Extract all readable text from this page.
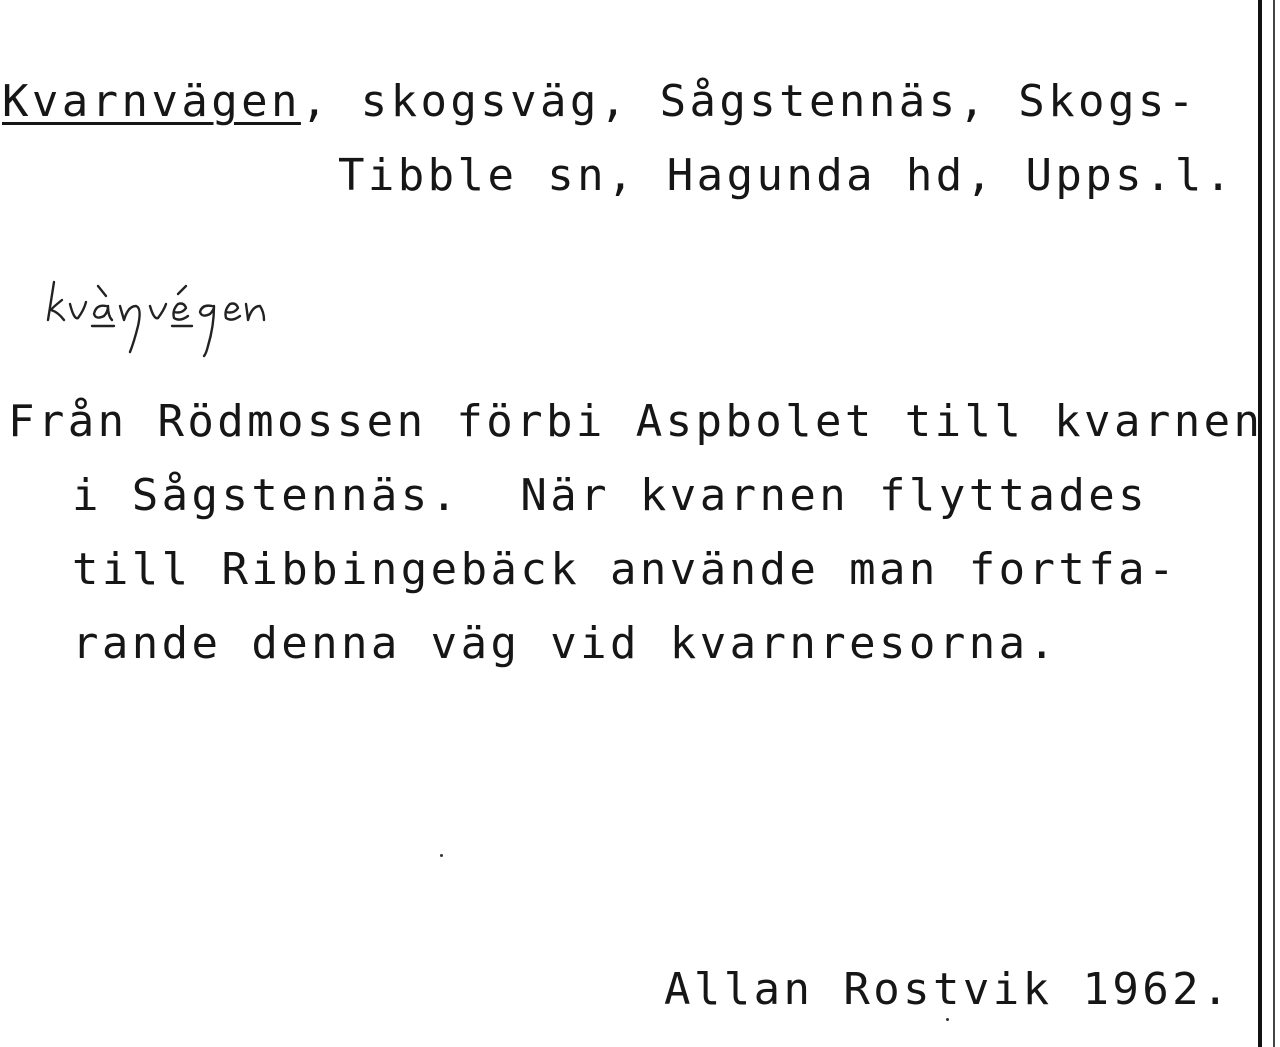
Kvarnvägen, skogsväg, Sågstennäs, Skogs-
Tibble sn, Hagunda hd, Upps.l.
Från Rödmossen förbi Aspbolet till kvarnen
i Sågstennäs.  När kvarnen flyttades
till Ribbingebäck använde man fortfa-
rande denna väg vid kvarnresorna.
Allan Rostvik 1962.
